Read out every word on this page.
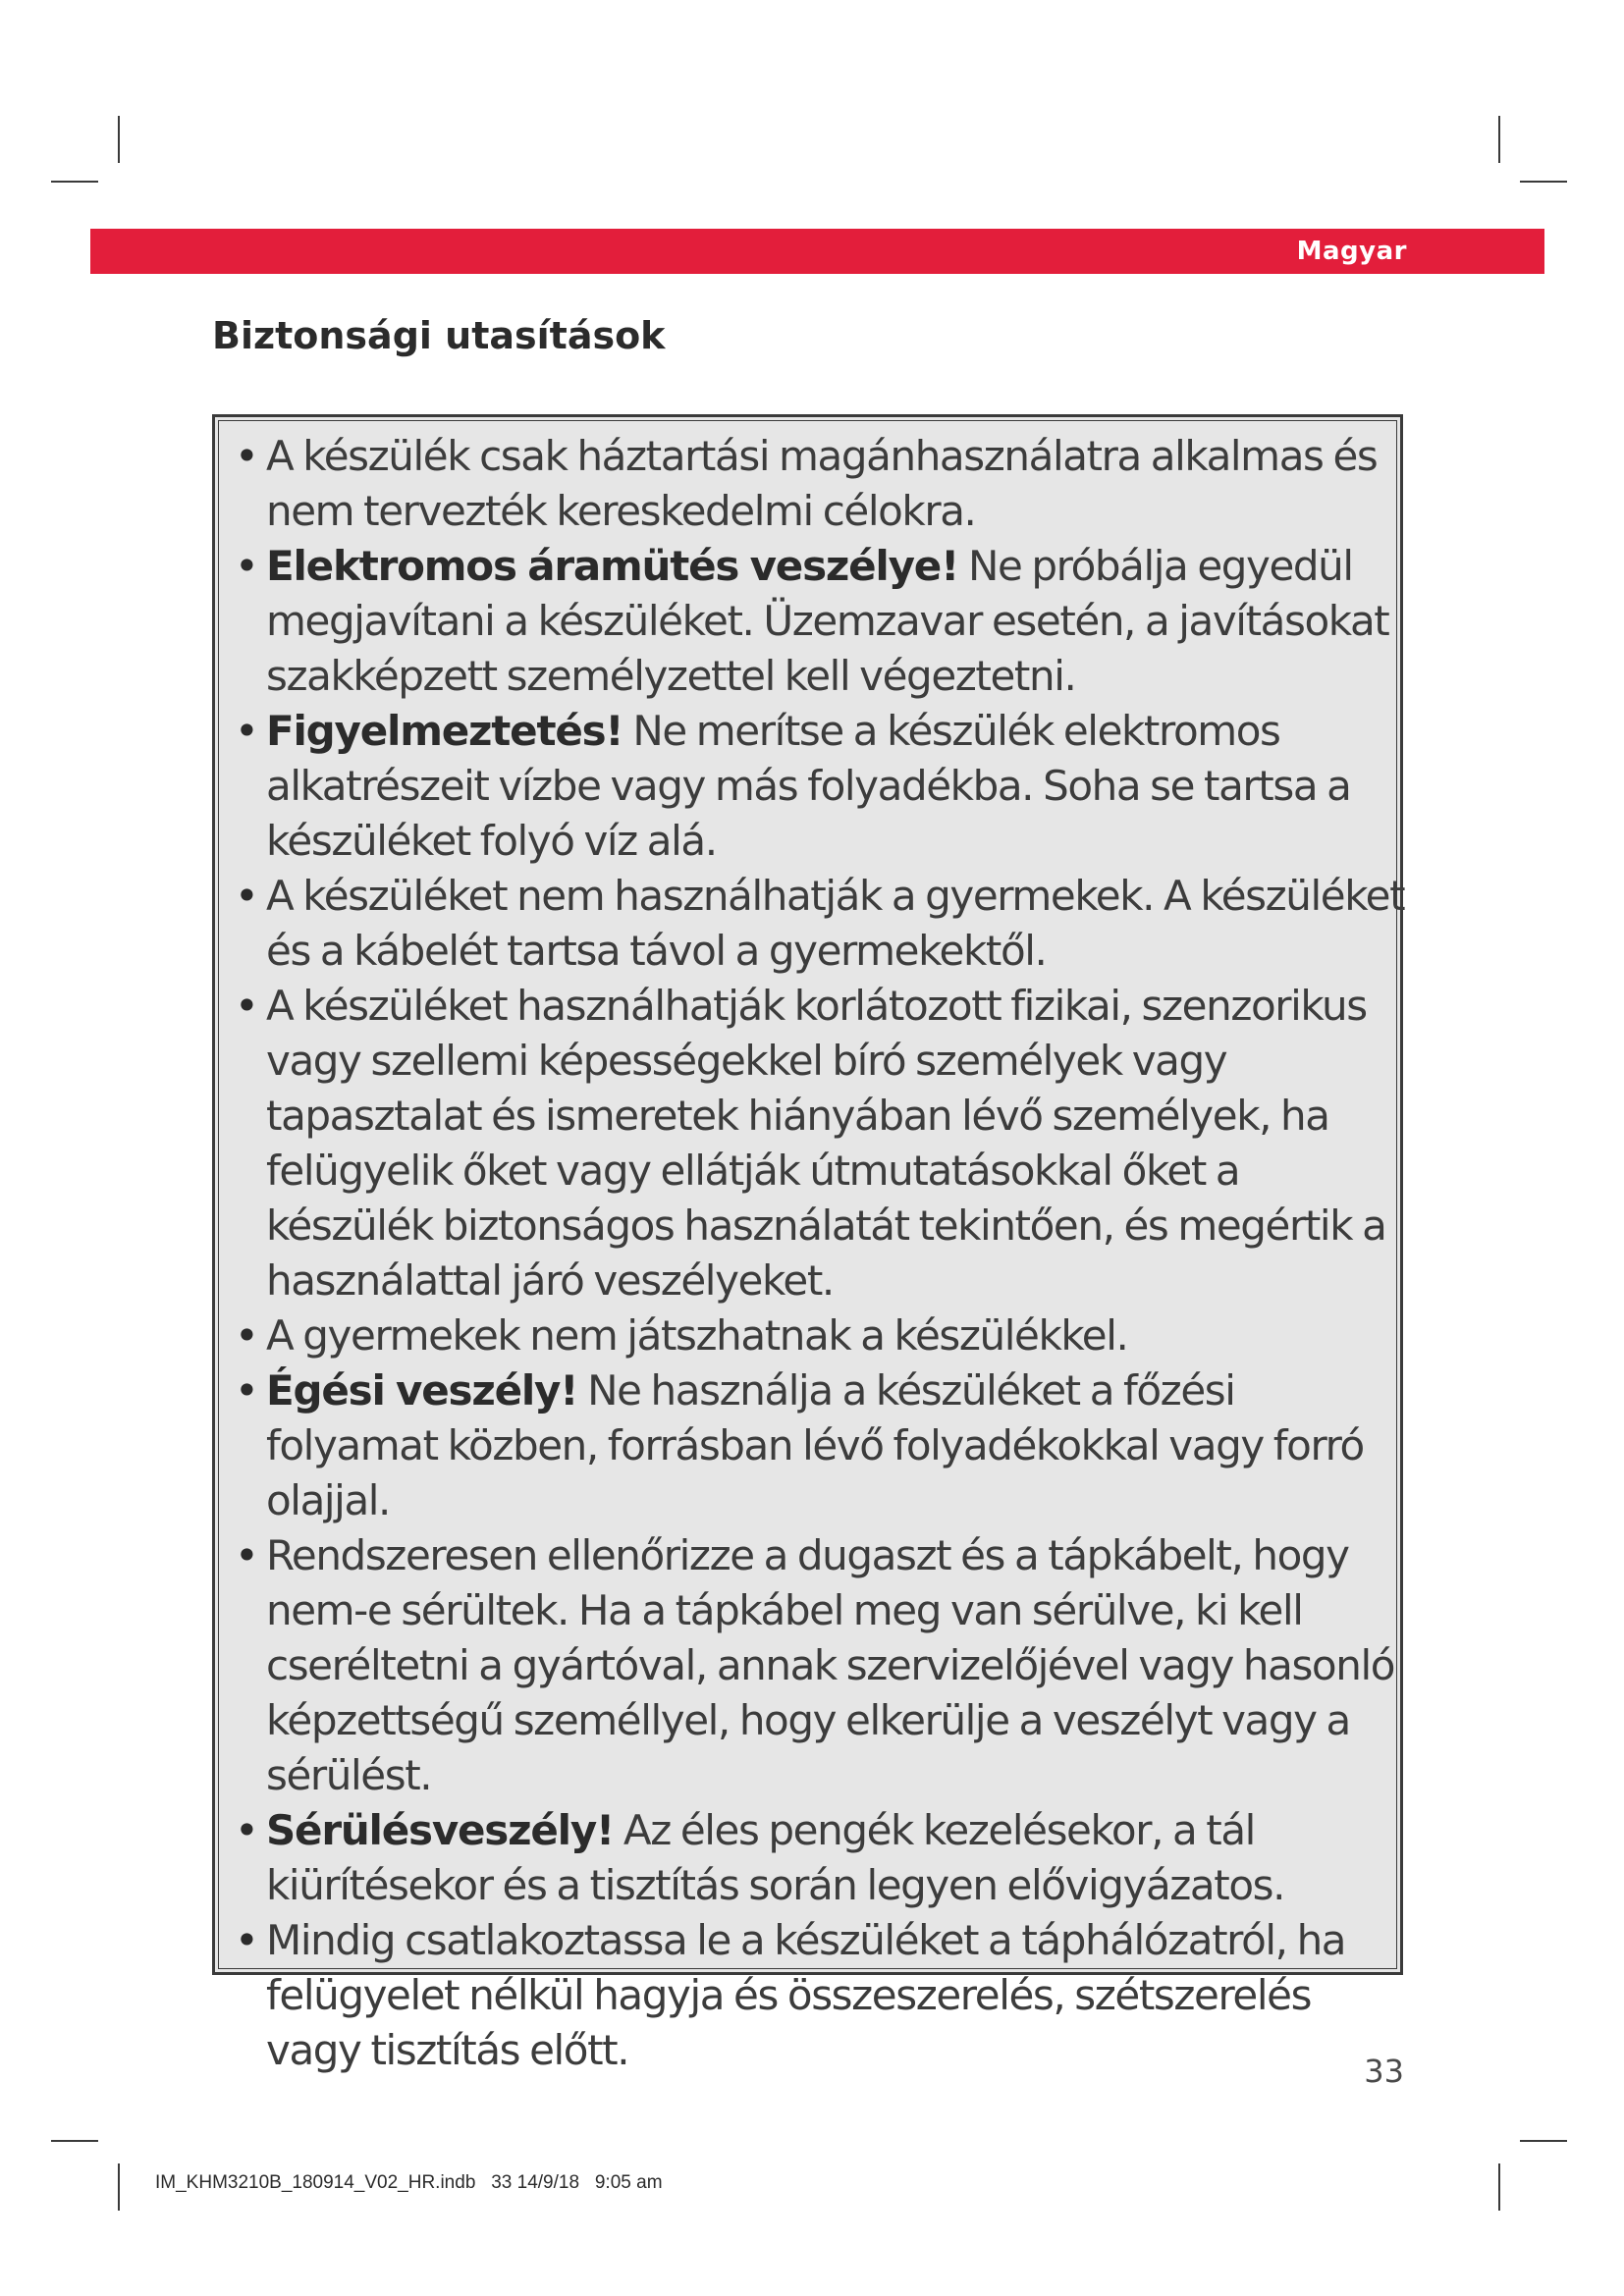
Magyar
Biztonsági utasítások
• A készülék csak háztartási magánhasználatra alkalmas és nem tervezték kereskedelmi célokra.
• Elektromos áramütés veszélye! Ne próbálja egyedül megjavítani a készüléket. Üzemzavar esetén, a javításokat szakképzett személyzettel kell végeztetni.
• Figyelmeztetés! Ne merítse a készülék elektromos alkatrészeit vízbe vagy más folyadékba. Soha se tartsa a készüléket folyó víz alá.
• A készüléket nem használhatják a gyermekek. A készüléket és a kábelét tartsa távol a gyermekektől.
• A készüléket használhatják korlátozott fizikai, szenzorikus vagy szellemi képességekkel bíró személyek vagy tapasztalat és ismeretek hiányában lévő személyek, ha felügyelik őket vagy ellátják útmutatásokkal őket a készülék biztonságos használatát tekintően, és megértik a használattal járó veszélyeket.
• A gyermekek nem játszhatnak a készülékkel.
• Égési veszély! Ne használja a készüléket a főzési folyamat közben, forrásban lévő folyadékokkal vagy forró olajjal.
• Rendszeresen ellenőrizze a dugaszt és a tápkábelt, hogy nem-e sérültek. Ha a tápkábel meg van sérülve, ki kell cseréltetni a gyártóval, annak szervizelőjével vagy hasonló képzettségű személlyel, hogy elkerülje a veszélyt vagy a sérülést.
• Sérülésveszély! Az éles pengék kezelésekor, a tál kiürítésekor és a tisztítás során legyen elővigyázatos.
• Mindig csatlakoztassa le a készüléket a táphálózatról, ha felügyelet nélkül hagyja és összeszerelés, szétszerelés vagy tisztítás előtt.	33
IM_KHM3210B_180914_V02_HR.indb   33 14/9/18   9:05 am
